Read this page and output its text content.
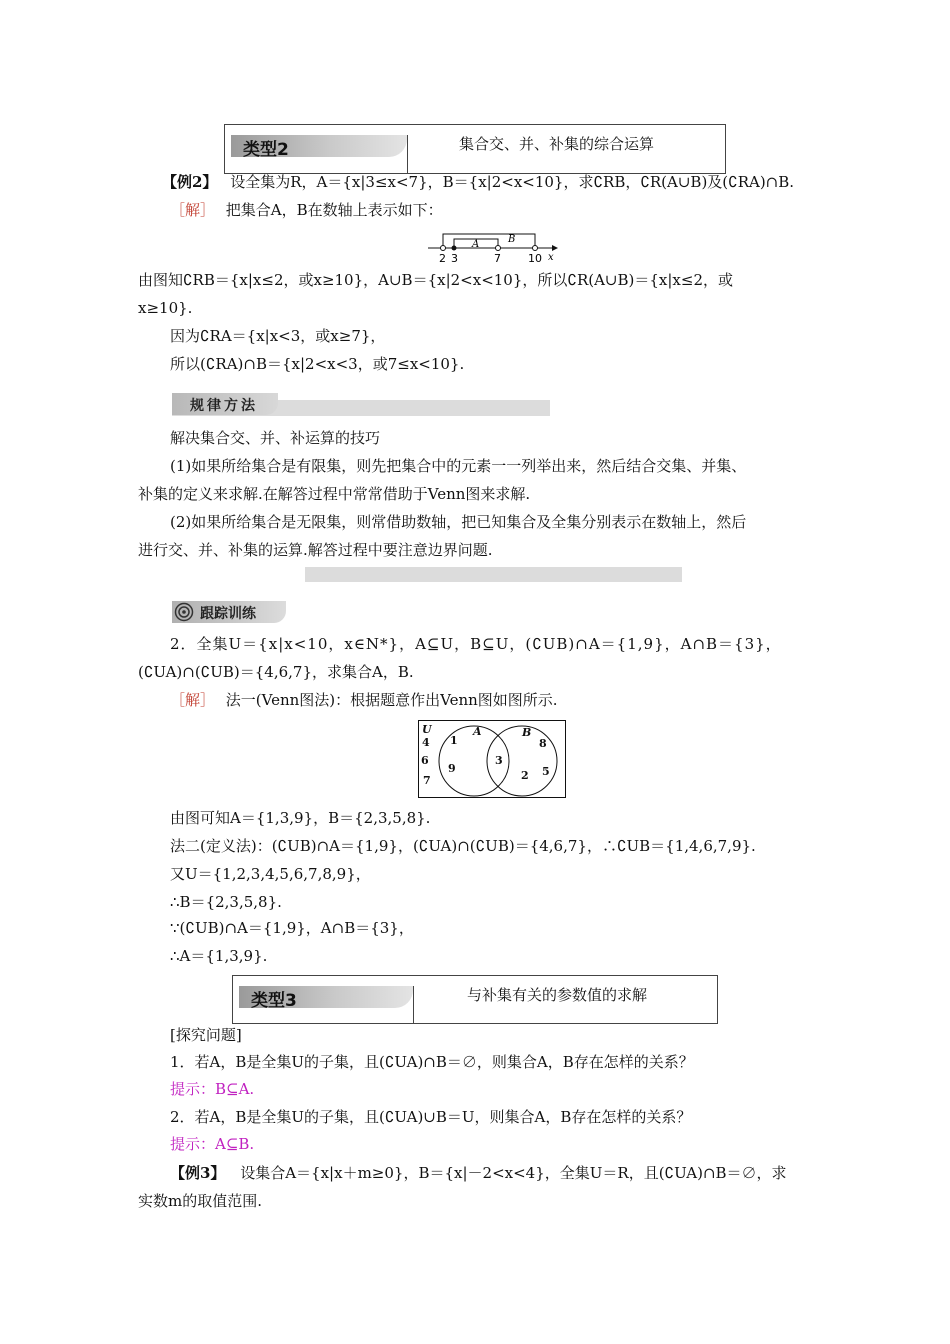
类型2	集合交、并、补集的综合运算
【例2】 设全集为R，A＝{x|3≤x<7}，B＝{x|2<x<10}，求∁RB，∁R(A∪B)及(∁RA)∩B.
［解］ 把集合A，B在数轴上表示如下：
A	B
2 3	7 10 x
由图知∁RB＝{x|x≤2，或x≥10}，A∪B＝{x|2<x<10}，所以∁R(A∪B)＝{x|x≤2，或
x≥10}.
因为∁RA＝{x|x<3，或x≥7}，
所以(∁RA)∩B＝{x|2<x<3，或7≤x<10}.
规律方法
解决集合交、并、补运算的技巧
(1)如果所给集合是有限集，则先把集合中的元素一一列举出来，然后结合交集、并集、
补集的定义来求解.在解答过程中常常借助于Venn图来求解.
(2)如果所给集合是无限集，则常借助数轴，把已知集合及全集分别表示在数轴上，然后
进行交、并、补集的运算.解答过程中要注意边界问题.
跟踪训练
2．全集U＝{x|x<10，x∈N*}，A⊆U，B⊆U，(∁UB)∩A＝{1,9}，A∩B＝{3}，
(∁UA)∩(∁UB)＝{4,6,7}，求集合A，B.
［解］ 法一(Venn图法)：根据题意作出Venn图如图所示.
U	A	B
4
6
7
1
9
3
8
2 5
由图可知A＝{1,3,9}，B＝{2,3,5,8}.
法二(定义法)：(∁UB)∩A＝{1,9}，(∁UA)∩(∁UB)＝{4,6,7}，∴∁UB＝{1,4,6,7,9}.
又U＝{1,2,3,4,5,6,7,8,9}，
∴B＝{2,3,5,8}.
∵(∁UB)∩A＝{1,9}，A∩B＝{3}，
∴A＝{1,3,9}.
类型3	与补集有关的参数值的求解
[探究问题]
1．若A，B是全集U的子集，且(∁UA)∩B＝∅，则集合A，B存在怎样的关系？
提示：B⊆A.
2．若A，B是全集U的子集，且(∁UA)∪B＝U，则集合A，B存在怎样的关系？
提示：A⊆B.
【例3】 设集合A＝{x|x＋m≥0}，B＝{x|－2<x<4}，全集U＝R，且(∁UA)∩B＝∅，求
实数m的取值范围.
